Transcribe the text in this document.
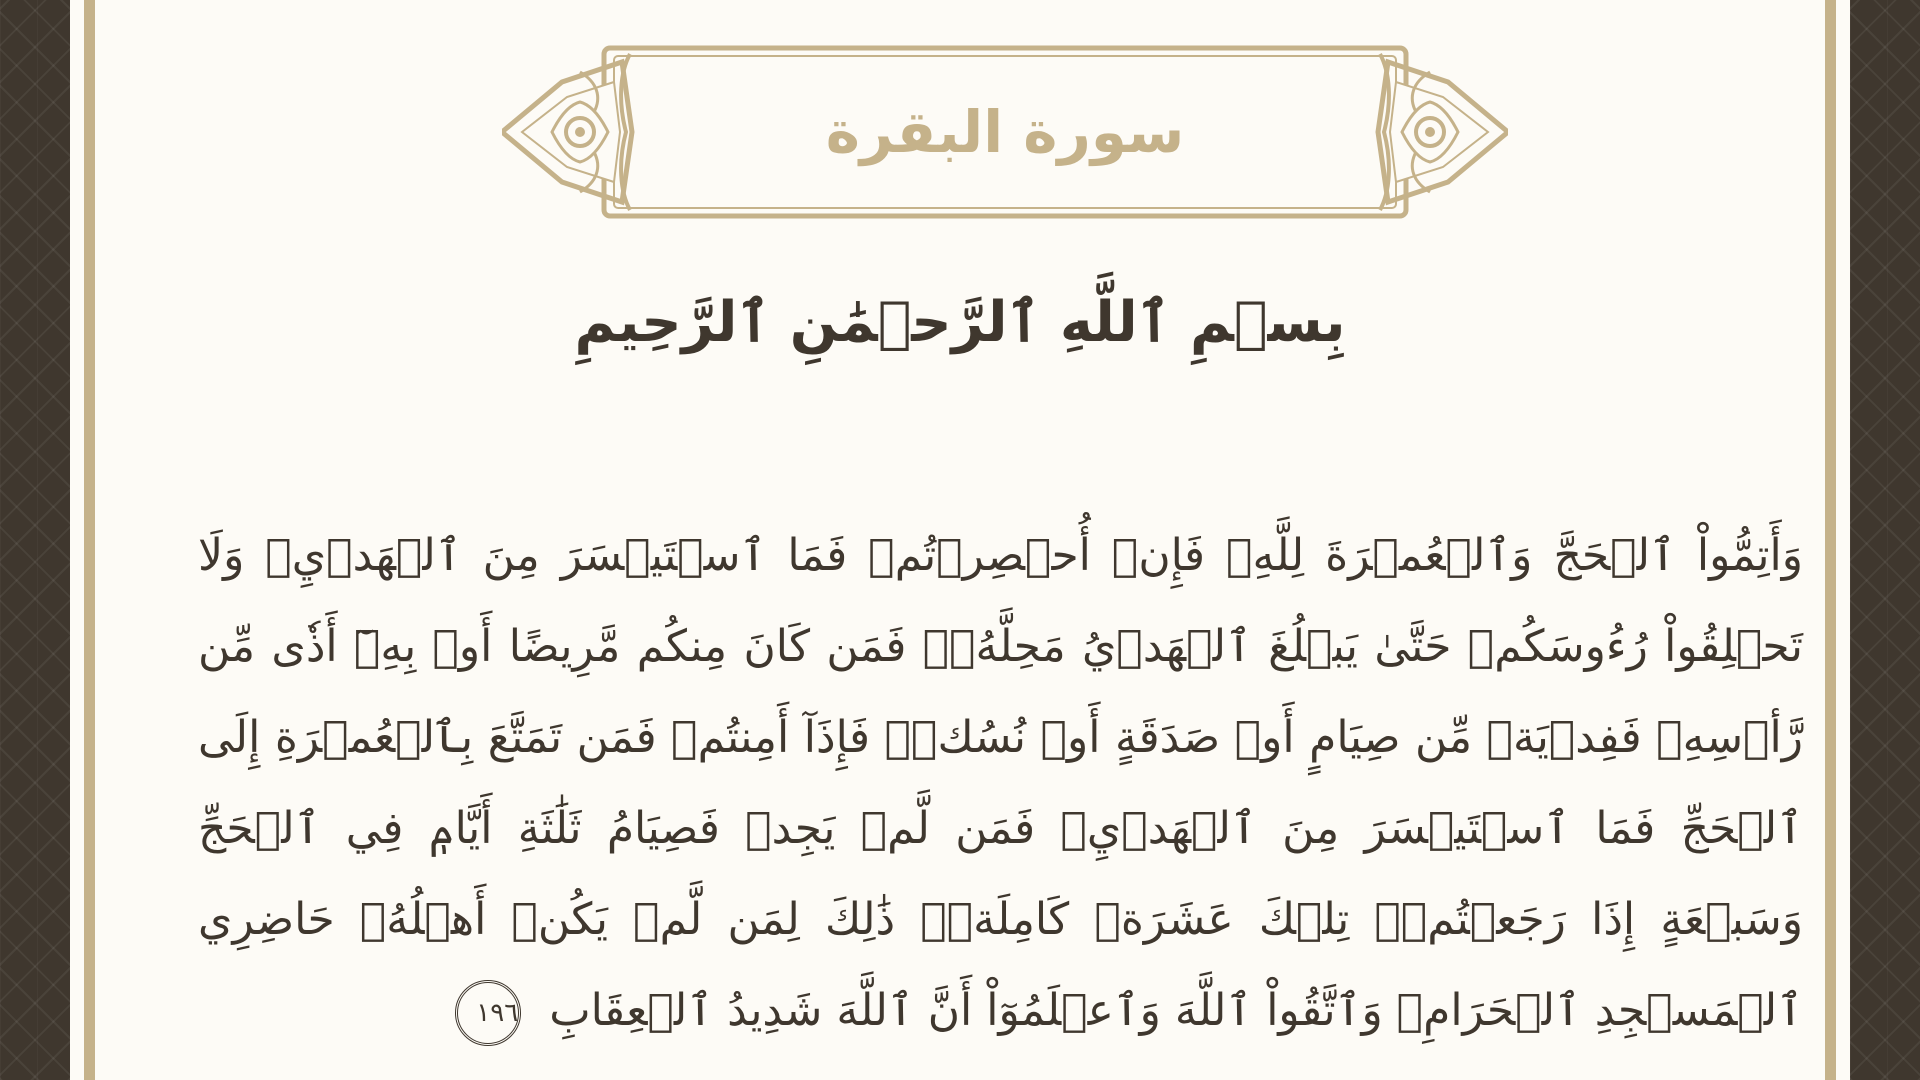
سورة البقرة
بِسۡمِ ٱللَّهِ ٱلرَّحۡمَٰنِ ٱلرَّحِيمِ
وَأَتِمُّواْ ٱلۡحَجَّ وَٱلۡعُمۡرَةَ لِلَّهِۚ فَإِنۡ أُحۡصِرۡتُمۡ فَمَا ٱسۡتَيۡسَرَ مِنَ ٱلۡهَدۡيِۖ وَلَا تَحۡلِقُواْ رُءُوسَكُمۡ حَتَّىٰ يَبۡلُغَ ٱلۡهَدۡيُ مَحِلَّهُۥۚ فَمَن كَانَ مِنكُم مَّرِيضًا أَوۡ بِهِۦٓ أَذٗى مِّن رَّأۡسِهِۦ فَفِدۡيَةٞ مِّن صِيَامٍ أَوۡ صَدَقَةٍ أَوۡ نُسُكٖۚ فَإِذَآ أَمِنتُمۡ فَمَن تَمَتَّعَ بِٱلۡعُمۡرَةِ إِلَى ٱلۡحَجِّ فَمَا ٱسۡتَيۡسَرَ مِنَ ٱلۡهَدۡيِۚ فَمَن لَّمۡ يَجِدۡ فَصِيَامُ ثَلَٰثَةِ أَيَّامٖ فِي ٱلۡحَجِّ وَسَبۡعَةٍ إِذَا رَجَعۡتُمۡۗ تِلۡكَ عَشَرَةٞ كَامِلَةٞۗ ذَٰلِكَ لِمَن لَّمۡ يَكُنۡ أَهۡلُهُۥ حَاضِرِي ٱلۡمَسۡجِدِ ٱلۡحَرَامِۚ وَٱتَّقُواْ ٱللَّهَ وَٱعۡلَمُوٓاْ أَنَّ ٱللَّهَ شَدِيدُ ٱلۡعِقَابِ ١٩٦
